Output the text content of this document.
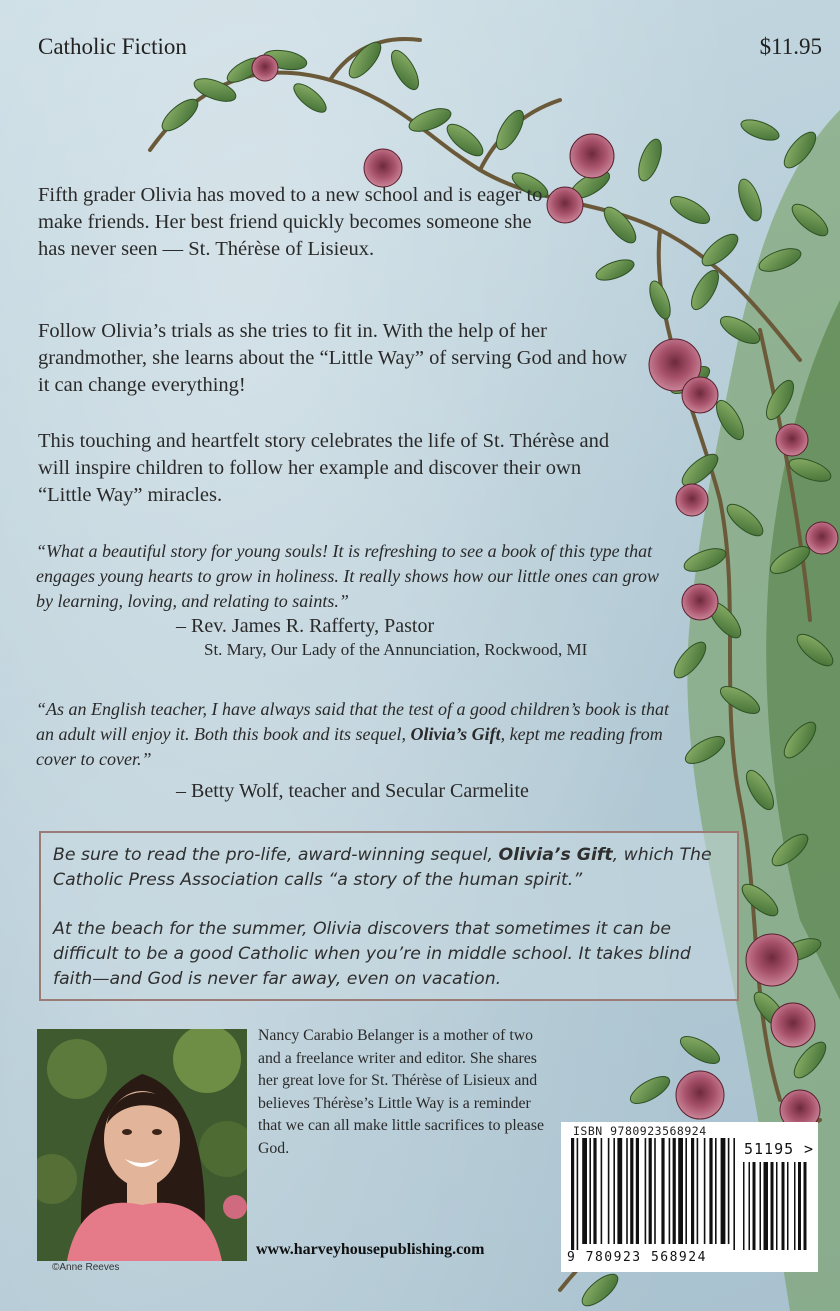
Catholic Fiction	$11.95

Fifth grader Olivia has moved to a new school and is eager to make friends. Her best friend quickly becomes someone she has never seen — St. Thérèse of Lisieux.

Follow Olivia’s trials as she tries to fit in. With the help of her grandmother, she learns about the “Little Way” of serving God and how it can change everything!

This touching and heartfelt story celebrates the life of St. Thérèse and will inspire children to follow her example and discover their own “Little Way” miracles.

“What a beautiful story for young souls! It is refreshing to see a book of this type that engages young hearts to grow in holiness. It really shows how our little ones can grow by learning, loving, and relating to saints.”

– Rev. James R. Rafferty, Pastor

St. Mary, Our Lady of the Annunciation, Rockwood, MI

“As an English teacher, I have always said that the test of a good children’s book is that an adult will enjoy it. Both this book and its sequel, Olivia’s Gift, kept me reading from cover to cover.”

– Betty Wolf, teacher and Secular Carmelite

Be sure to read the pro-life, award-winning sequel, Olivia’s Gift, which The Catholic Press Association calls “a story of the human spirit.”

At the beach for the summer, Olivia discovers that sometimes it can be difficult to be a good Catholic when you’re in middle school. It takes blind faith—and God is never far away, even on vacation.

©Anne Reeves

Nancy Carabio Belanger is a mother of two and a freelance writer and editor. She shares her great love for St. Thérèse of Lisieux and believes Thérèse’s Little Way is a reminder that we can all make little sacrifices to please God.

www.harveyhousepublishing.com

ISBN 9780923568924
51195 >
9 780923 568924
